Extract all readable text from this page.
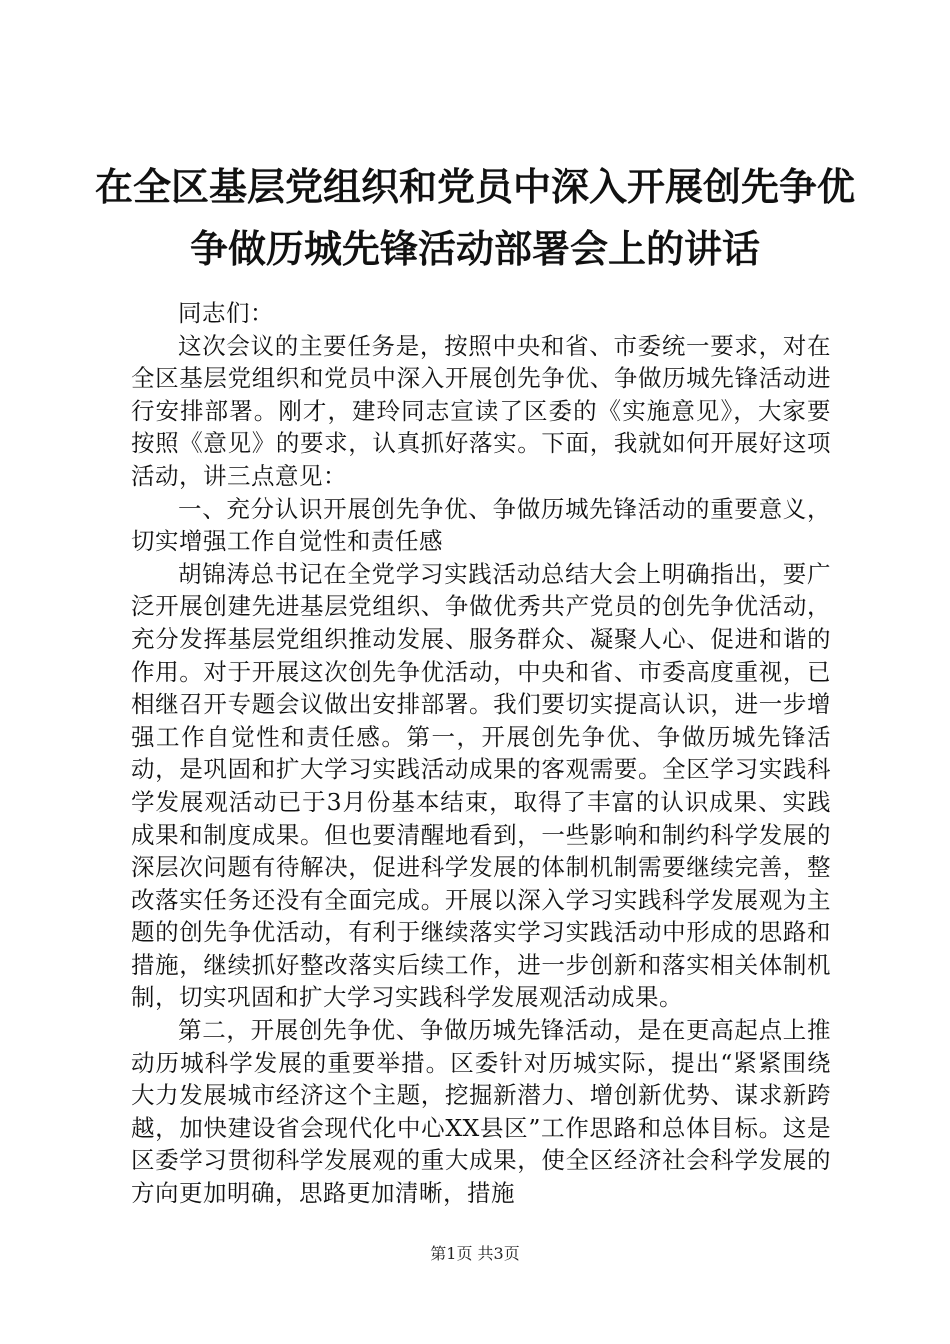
在全区基层党组织和党员中深入开展创先争优
争做历城先锋活动部署会上的讲话

同志们：

这次会议的主要任务是，按照中央和省、市委统一要求，对在全区基层党组织和党员中深入开展创先争优、争做历城先锋活动进行安排部署。刚才，建玲同志宣读了区委的《实施意见》，大家要按照《意见》的要求，认真抓好落实。下面，我就如何开展好这项活动，讲三点意见：

一、充分认识开展创先争优、争做历城先锋活动的重要意义，切实增强工作自觉性和责任感

胡锦涛总书记在全党学习实践活动总结大会上明确指出，要广泛开展创建先进基层党组织、争做优秀共产党员的创先争优活动，充分发挥基层党组织推动发展、服务群众、凝聚人心、促进和谐的作用。对于开展这次创先争优活动，中央和省、市委高度重视，已相继召开专题会议做出安排部署。我们要切实提高认识，进一步增强工作自觉性和责任感。第一，开展创先争优、争做历城先锋活动，是巩固和扩大学习实践活动成果的客观需要。全区学习实践科学发展观活动已于3月份基本结束，取得了丰富的认识成果、实践成果和制度成果。但也要清醒地看到，一些影响和制约科学发展的深层次问题有待解决，促进科学发展的体制机制需要继续完善，整改落实任务还没有全面完成。开展以深入学习实践科学发展观为主题的创先争优活动，有利于继续落实学习实践活动中形成的思路和措施，继续抓好整改落实后续工作，进一步创新和落实相关体制机制，切实巩固和扩大学习实践科学发展观活动成果。

第二，开展创先争优、争做历城先锋活动，是在更高起点上推动历城科学发展的重要举措。区委针对历城实际，提出“紧紧围绕大力发展城市经济这个主题，挖掘新潜力、增创新优势、谋求新跨越，加快建设省会现代化中心XX县区”工作思路和总体目标。这是区委学习贯彻科学发展观的重大成果，使全区经济社会科学发展的方向更加明确，思路更加清晰，措施

第1页 共3页
